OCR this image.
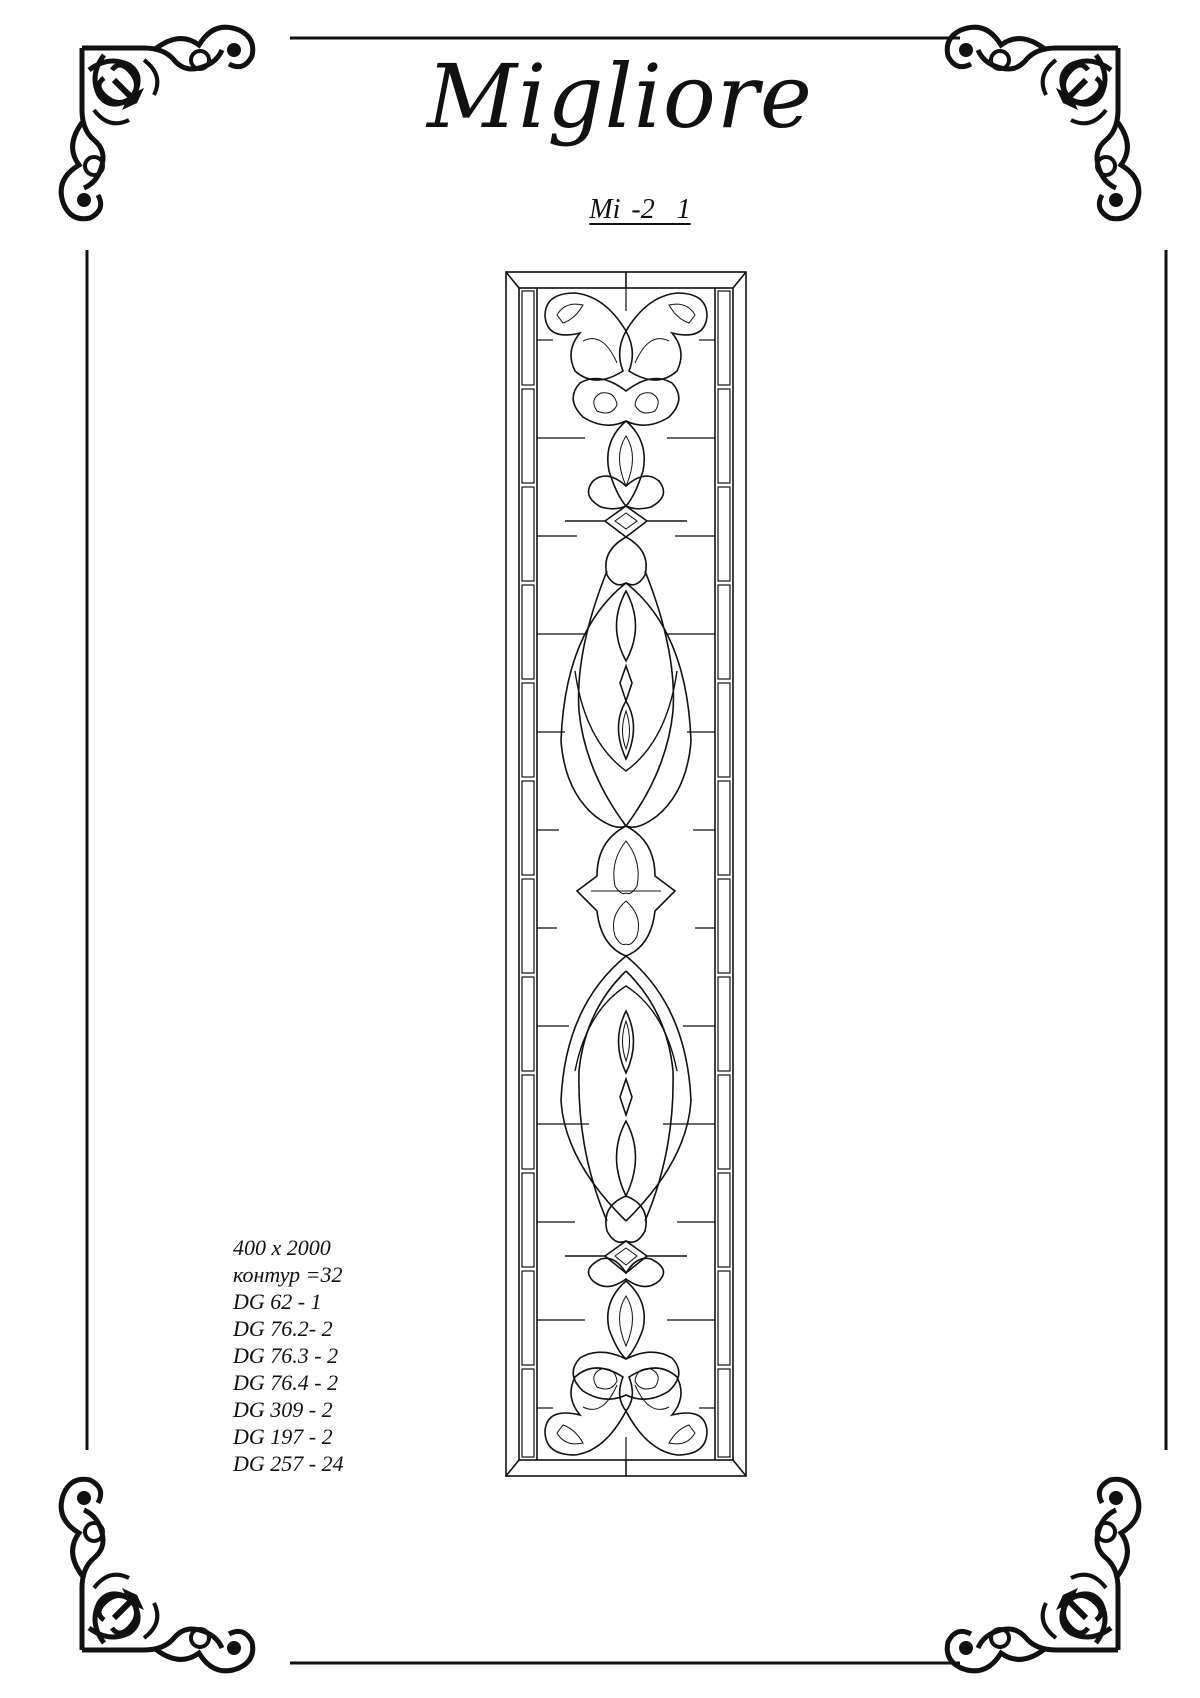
Migliore
Mi -2  1
400 x 2000
контур =32
DG 62 - 1
DG 76.2- 2
DG 76.3 - 2
DG 76.4 - 2
DG 309 - 2
DG 197 - 2
DG 257 - 24
